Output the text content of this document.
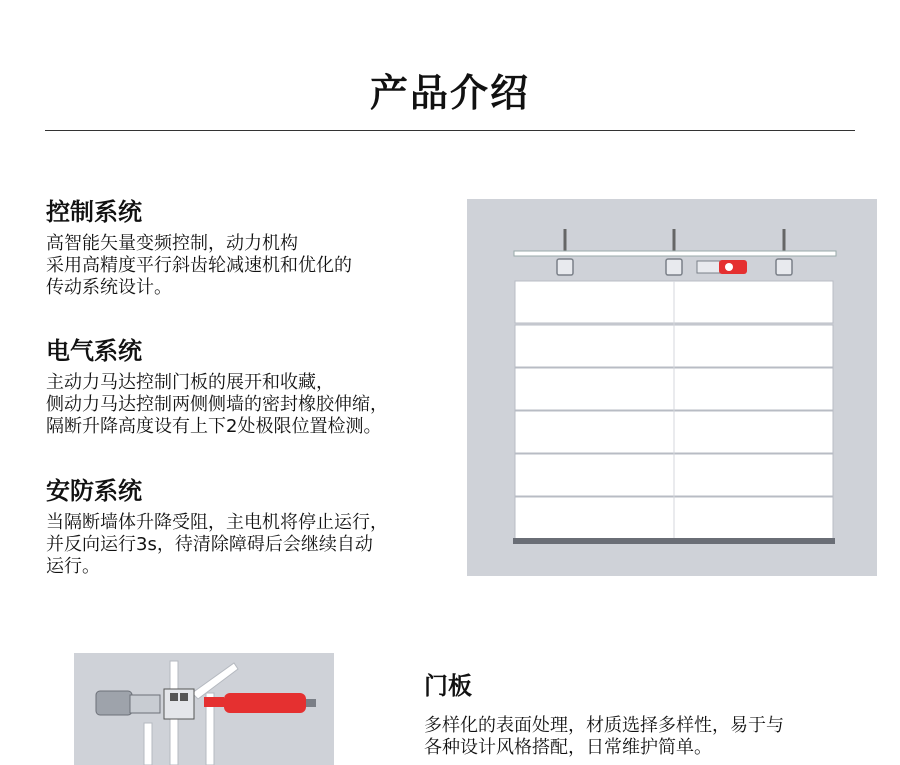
产品介绍
控制系统
高智能矢量变频控制，动力机构
采用高精度平行斜齿轮减速机和优化的
传动系统设计。
电气系统
主动力马达控制门板的展开和收藏，
侧动力马达控制两侧侧墙的密封橡胶伸缩，
隔断升降高度设有上下2处极限位置检测。
安防系统
当隔断墙体升降受阻，主电机将停止运行，
并反向运行3s，待清除障碍后会继续自动
运行。
门板
多样化的表面处理，材质选择多样性，易于与
各种设计风格搭配，日常维护简单。
